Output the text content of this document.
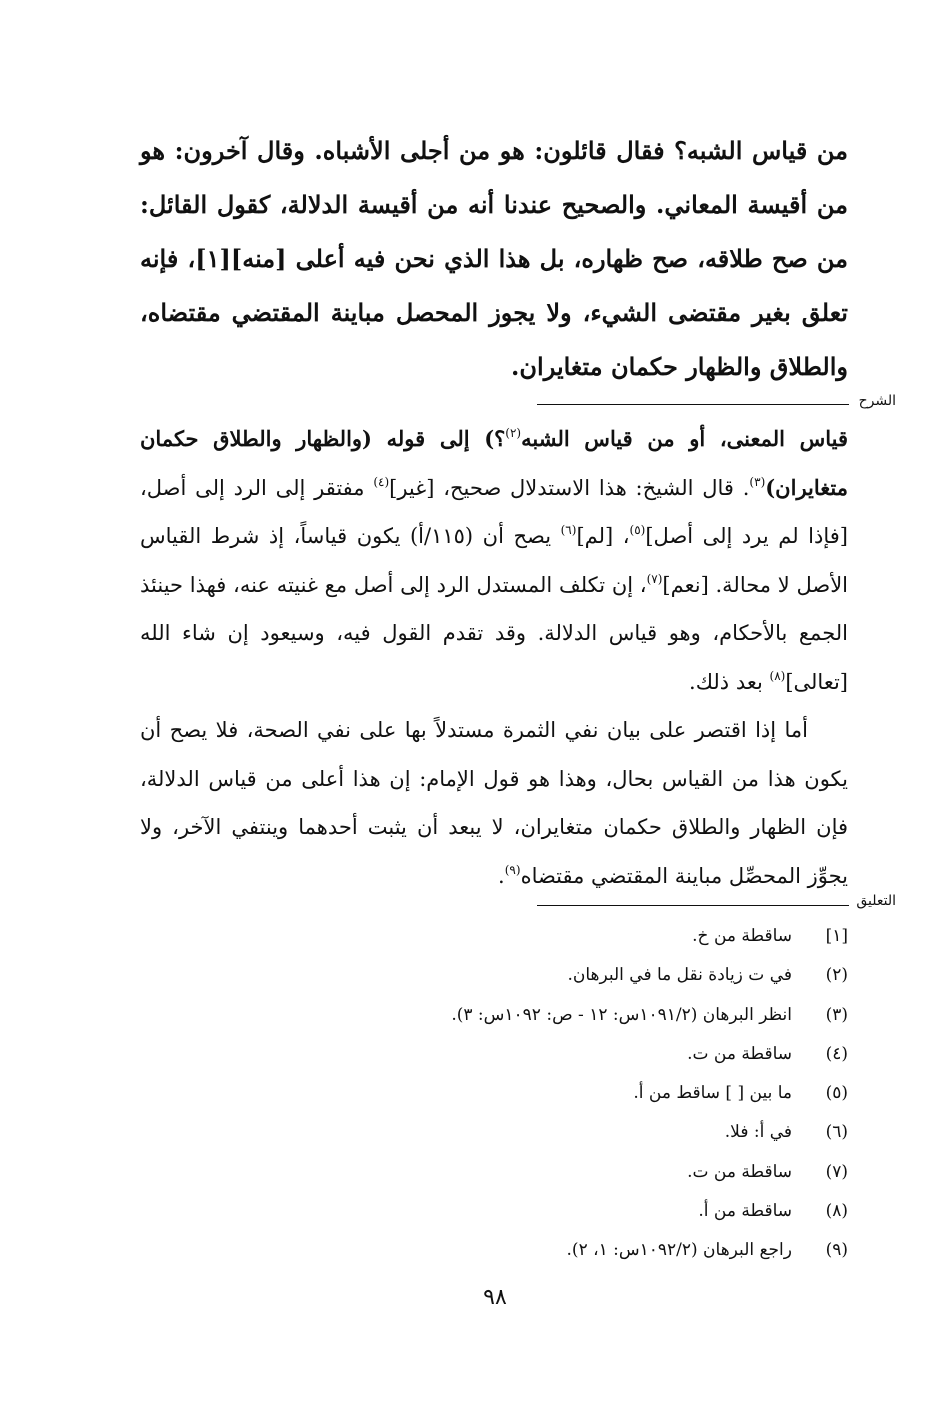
من قياس الشبه؟ فقال قائلون: هو من أجلى الأشباه. وقال آخرون: هو من أقيسة المعاني. والصحيح عندنا أنه من أقيسة الدلالة، كقول القائل: من صح طلاقه، صح ظهاره، بل هذا الذي نحن فيه أعلى [منه][١]، فإنه تعلق بغير مقتضى الشيء، ولا يجوز المحصل مباينة المقتضي مقتضاه، والطلاق والظهار حكمان متغايران.

الشرح

قياس المعنى، أو من قياس الشبه$^{(٢)}$؟) إلى قوله (والظهار والطلاق حكمان متغايران)$^{(٣)}$. قال الشيخ: هذا الاستدلال صحيح، [غير]$^{(٤)}$ مفتقر إلى الرد إلى أصل، [فإذا لم يرد إلى أصل]$^{(٥)}$، [لم]$^{(٦)}$ يصح أن (١١٥/أ) يكون قياساً، إذ شرط القياس الأصل لا محالة. [نعم]$^{(٧)}$، إن تكلف المستدل الرد إلى أصل مع غنيته عنه، فهذا حينئذ الجمع بالأحكام، وهو قياس الدلالة. وقد تقدم القول فيه، وسيعود إن شاء الله [تعالى]$^{(٨)}$ بعد ذلك.

أما إذا اقتصر على بيان نفي الثمرة مستدلاً بها على نفي الصحة، فلا يصح أن يكون هذا من القياس بحال، وهذا هو قول الإمام: إن هذا أعلى من قياس الدلالة، فإن الظهار والطلاق حكمان متغايران، لا يبعد أن يثبت أحدهما وينتفي الآخر، ولا يجوِّز المحصِّل مباينة المقتضي مقتضاه$^{(٩)}$.

التعليق
[١]
ساقطة من خ.
(٢)
في ت زيادة نقل ما في البرهان.
(٣)
انظر البرهان (١٠٩١/٢س: ١٢ - ص: ١٠٩٢س: ٣).
(٤)
ساقطة من ت.
(٥)
ما بين [ ] ساقط من أ.
(٦)
في أ: فلا.
(٧)
ساقطة من ت.
(٨)
ساقطة من أ.
(٩)
راجع البرهان (١٠٩٢/٢س: ١، ٢).
٩٨
